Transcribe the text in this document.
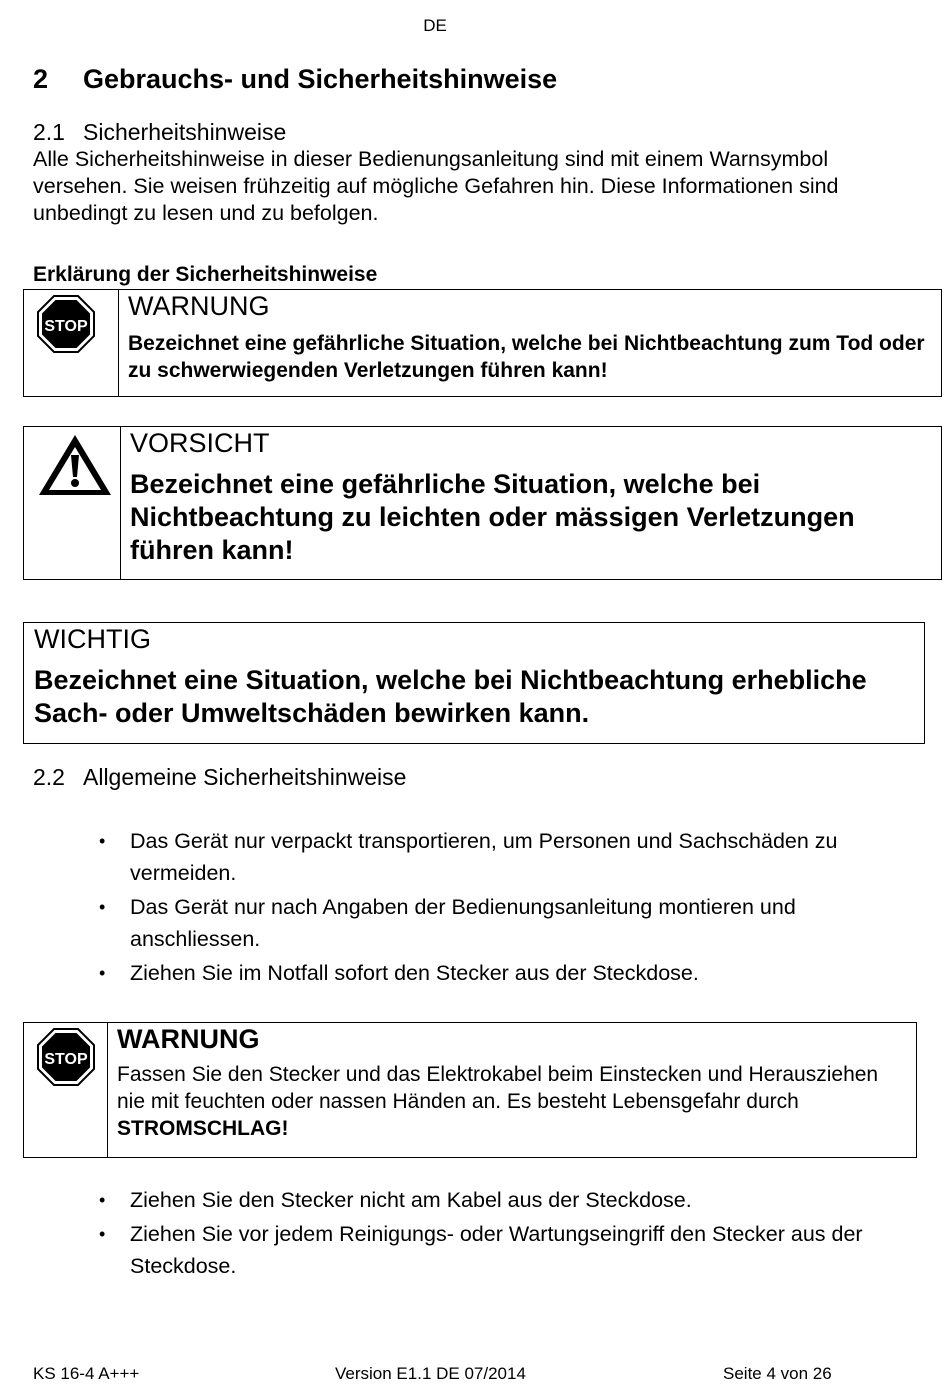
DE
2 Gebrauchs- und Sicherheitshinweise
2.1 Sicherheitshinweise
Alle Sicherheitshinweise in dieser Bedienungsanleitung sind mit einem Warnsymbol versehen. Sie weisen frühzeitig auf mögliche Gefahren hin. Diese Informationen sind unbedingt zu lesen und zu befolgen.
Erklärung der Sicherheitshinweise
STOP
WARNUNG
Bezeichnet eine gefährliche Situation, welche bei Nichtbeachtung zum Tod oder zu schwerwiegenden Verletzungen führen kann!
VORSICHT
Bezeichnet eine gefährliche Situation, welche bei Nichtbeachtung zu leichten oder mässigen Verletzungen führen kann!
WICHTIG
Bezeichnet eine Situation, welche bei Nichtbeachtung erhebliche Sach- oder Umweltschäden bewirken kann.
2.2 Allgemeine Sicherheitshinweise
• Das Gerät nur verpackt transportieren, um Personen und Sachschäden zu vermeiden.
• Das Gerät nur nach Angaben der Bedienungsanleitung montieren und anschliessen.
• Ziehen Sie im Notfall sofort den Stecker aus der Steckdose.
STOP
WARNUNG
Fassen Sie den Stecker und das Elektrokabel beim Einstecken und Herausziehen nie mit feuchten oder nassen Händen an. Es besteht Lebensgefahr durch STROMSCHLAG!
• Ziehen Sie den Stecker nicht am Kabel aus der Steckdose.
• Ziehen Sie vor jedem Reinigungs- oder Wartungseingriff den Stecker aus der Steckdose.
KS 16-4 A+++	Version E1.1 DE 07/2014	Seite 4 von 26
